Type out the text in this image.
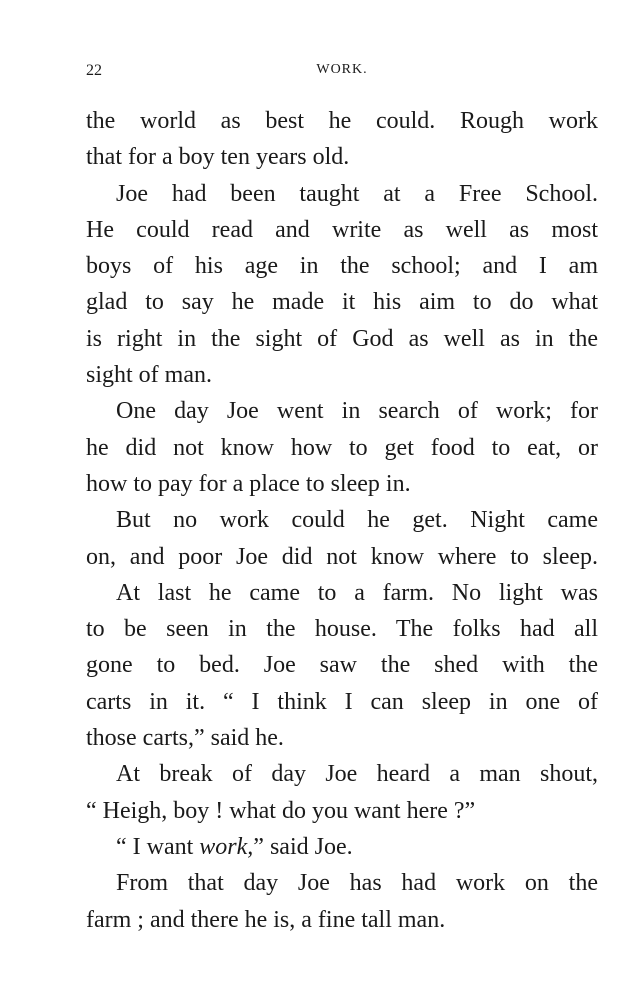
22	WORK.
the world as best he could. Rough work
that for a boy ten years old.
Joe had been taught at a Free School.
He could read and write as well as most
boys of his age in the school; and I am
glad to say he made it his aim to do what
is right in the sight of God as well as in the
sight of man.
One day Joe went in search of work; for
he did not know how to get food to eat, or
how to pay for a place to sleep in.
But no work could he get. Night came
on, and poor Joe did not know where to sleep.
At last he came to a farm. No light was
to be seen in the house. The folks had all
gone to bed. Joe saw the shed with the
carts in it. “ I think I can sleep in one of
those carts,” said he.
At break of day Joe heard a man shout,
“ Heigh, boy ! what do you want here ?”
“ I want work,” said Joe.
From that day Joe has had work on the
farm ; and there he is, a fine tall man.
